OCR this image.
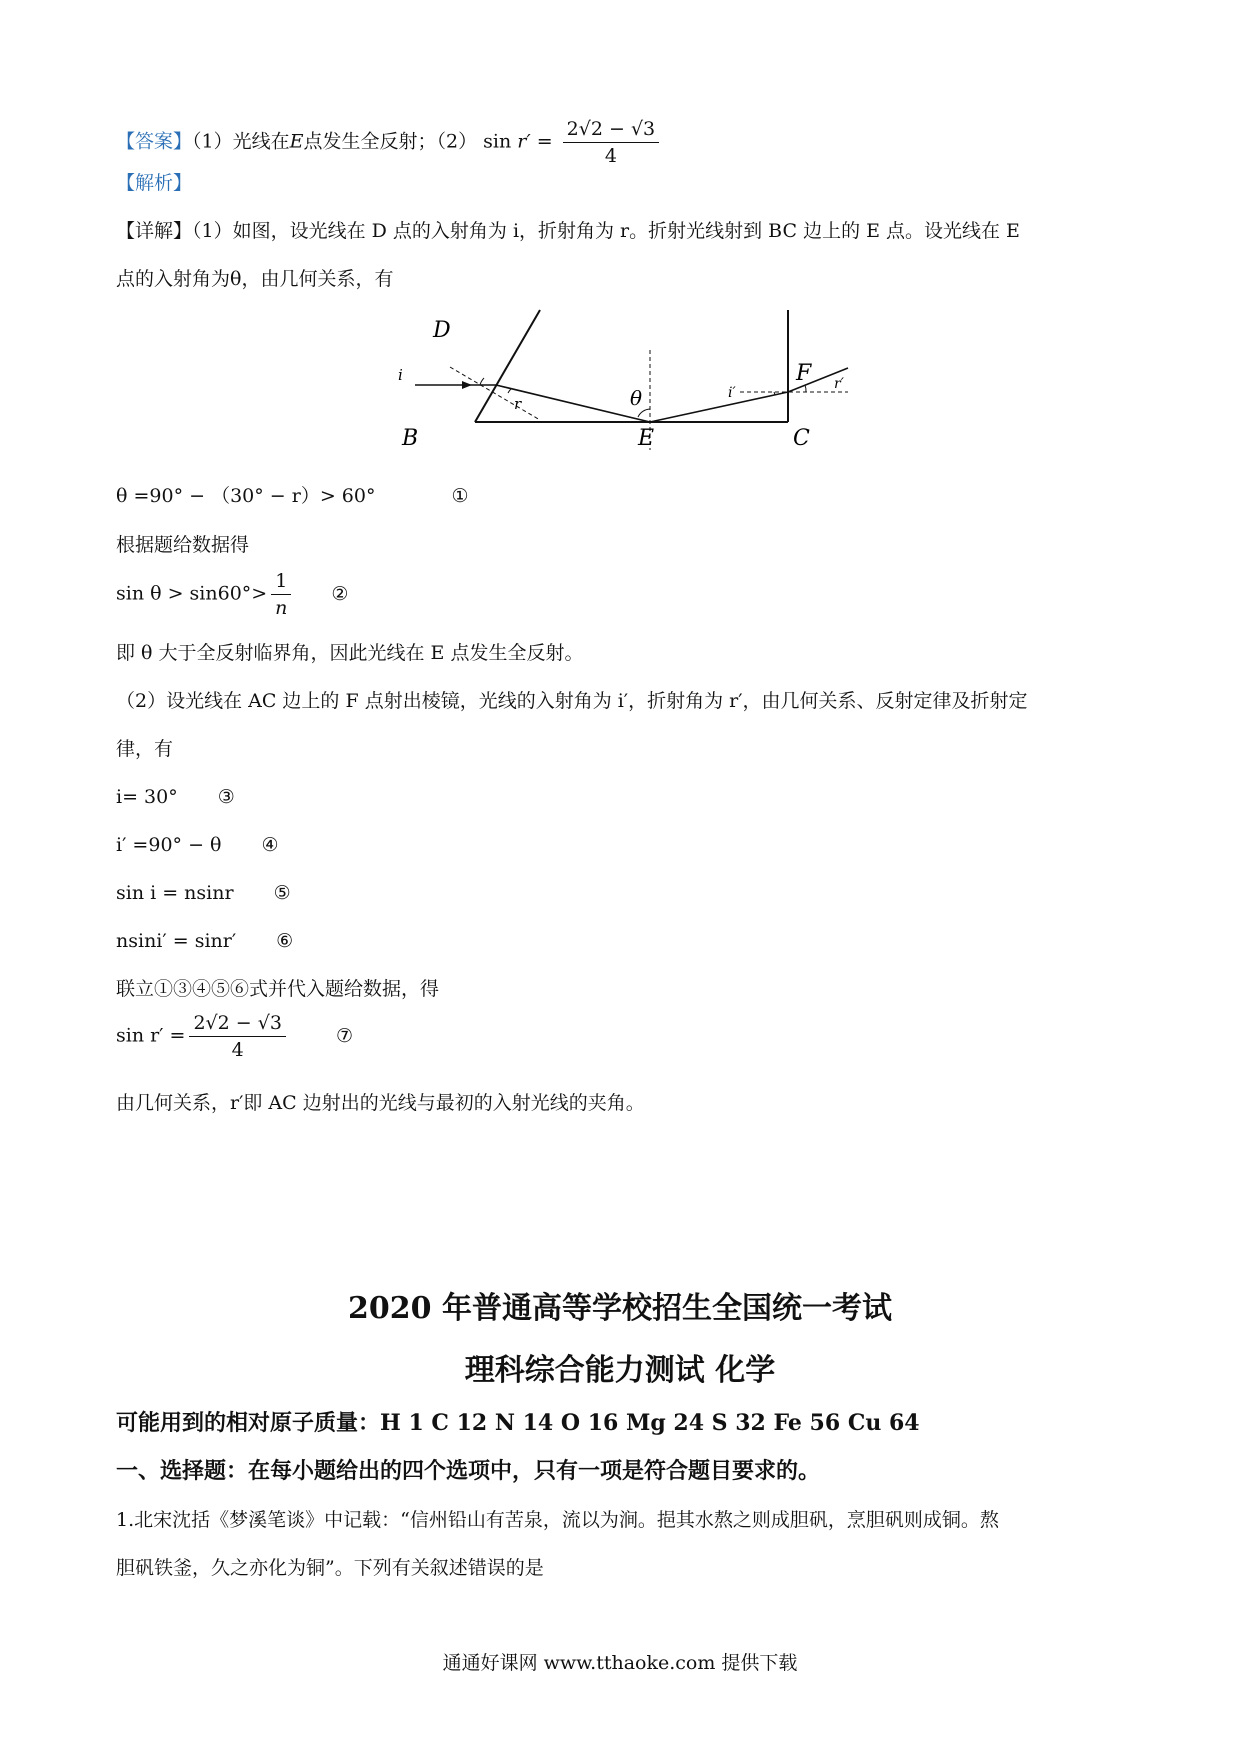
【答案】（1）光线在E点发生全反射；（2） $\sin r' = \frac{2√2 - √3}{4}$
【解析】
【详解】（1）如图，设光线在 D 点的入射角为 i，折射角为 r。折射光线射到 BC 边上的 E 点。设光线在 E
点的入射角为θ，由几何关系，有
D
B	E	C
F
i
r	θ	i′
r′
θ =90° − （30° − r）> 60°	①
根据题给数据得
$\sin \theta > \sin 60^\circ> \frac{1}{n}$ ②
即 θ 大于全反射临界角，因此光线在 E 点发生全反射。
（2）设光线在 AC 边上的 F 点射出棱镜，光线的入射角为 i′，折射角为 r′，由几何关系、反射定律及折射定
律，有
i= 30° ③
i′ =90° − θ ④
sin i = nsinr ⑤
nsini′ = sinr′ ⑥
联立①③④⑤⑥式并代入题给数据，得
$\sin r' = \frac{2√2 - √3}{4}$	⑦
由几何关系，r′即 AC 边射出的光线与最初的入射光线的夹角。
2020 年普通高等学校招生全国统一考试
理科综合能力测试 化学
可能用到的相对原子质量：H 1 C 12 N 14 O 16 Mg 24 S 32 Fe 56 Cu 64
一、选择题：在每小题给出的四个选项中，只有一项是符合题目要求的。
1.北宋沈括《梦溪笔谈》中记载：“信州铅山有苦泉，流以为涧。挹其水熬之则成胆矾，烹胆矾则成铜。熬
胆矾铁釜，久之亦化为铜”。下列有关叙述错误的是
通通好课网 www.tthaoke.com 提供下载
